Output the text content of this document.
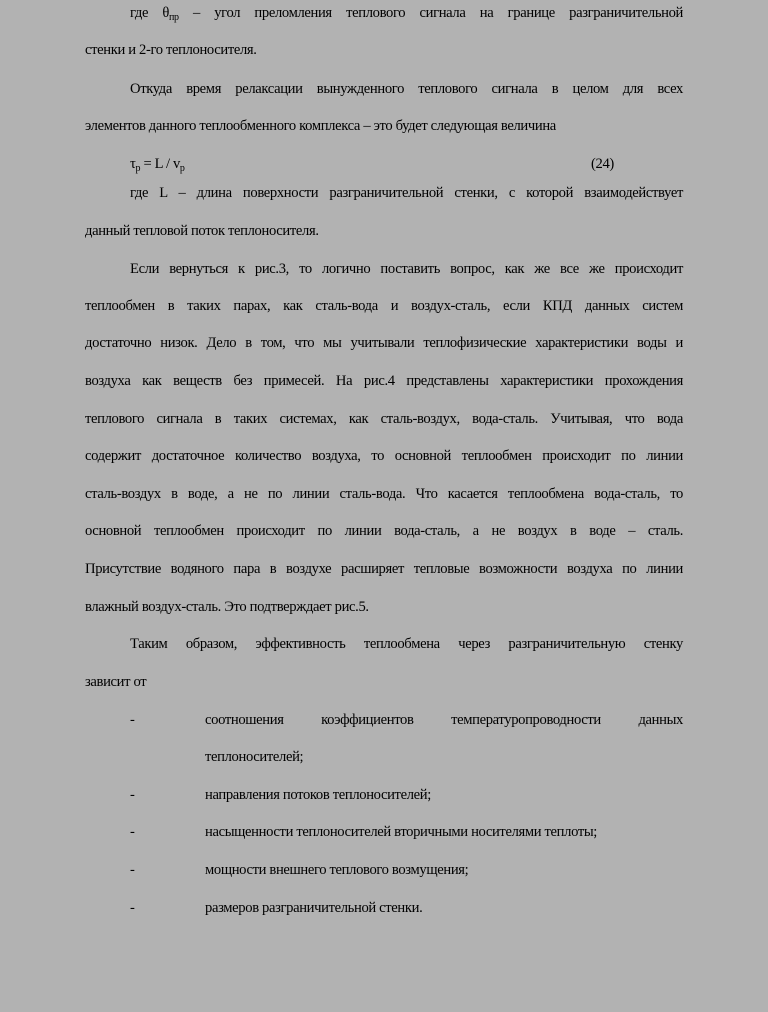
где $\theta_{пр}$ – угол преломления теплового сигнала на границе разграничительной
стенки и 2-го теплоносителя.
Откуда время релаксации вынужденного теплового сигнала в целом для всех
элементов данного теплообменного комплекса – это будет следующая величина
$\tau_p = L / v_p$	(24)
где L – длина поверхности разграничительной стенки, с которой взаимодействует
данный тепловой поток теплоносителя.
Если вернуться к рис.3, то логично поставить вопрос, как же все же происходит
теплообмен в таких парах, как сталь-вода и воздух-сталь, если КПД данных систем
достаточно низок. Дело в том, что мы учитывали теплофизические характеристики воды и
воздуха как веществ без примесей. На рис.4 представлены характеристики прохождения
теплового сигнала в таких системах, как сталь-воздух, вода-сталь. Учитывая, что вода
содержит достаточное количество воздуха, то основной теплообмен происходит по линии
сталь-воздух в воде, а не по линии сталь-вода. Что касается теплообмена вода-сталь, то
основной теплообмен происходит по линии вода-сталь, а не воздух в воде – сталь.
Присутствие водяного пара в воздухе расширяет тепловые возможности воздуха по линии
влажный воздух-сталь. Это подтверждает рис.5.
Таким образом, эффективность теплообмена через разграничительную стенку
зависит от
-	соотношения коэффициентов температуропроводности данных
теплоносителей;
-	направления потоков теплоносителей;
-	насыщенности теплоносителей вторичными носителями теплоты;
-	мощности внешнего теплового возмущения;
-	размеров разграничительной стенки.
